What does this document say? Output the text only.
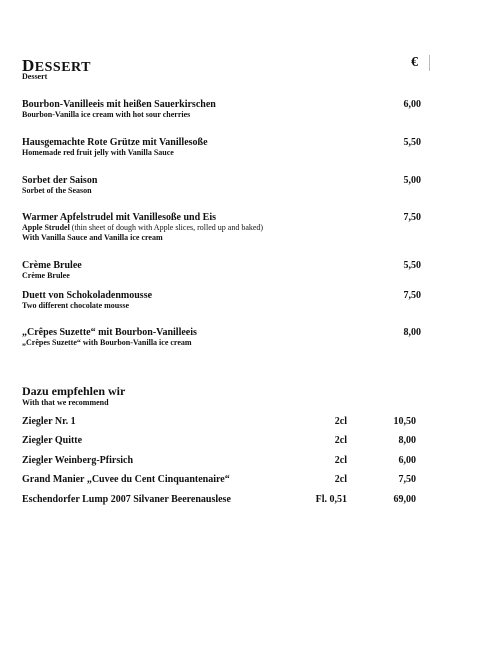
DESSERT
Dessert
€
Bourbon-Vanilleeis mit heißen Sauerkirschen
Bourbon-Vanilla ice cream with hot sour cherries
6,00
Hausgemachte Rote Grütze mit Vanillesoße
Homemade red fruit jelly with Vanilla Sauce
5,50
Sorbet der Saison
Sorbet of the Season
5,00
Warmer Apfelstrudel mit Vanillesoße und Eis
Apple Strudel (thin sheet of dough with Apple slices, rolled up and baked)
With Vanilla Sauce and Vanilla ice cream
7,50
Crème Brulee
Crème Brulee
5,50
Duett von Schokoladenmousse
Two different chocolate mousse
7,50
„Crêpes Suzette“ mit Bourbon-Vanilleeis
„Crêpes Suzette“ with Bourbon-Vanilla ice cream
8,00
Dazu empfehlen wir
With that we recommend
Ziegler Nr. 1	2cl	10,50
Ziegler Quitte	2cl	8,00
Ziegler Weinberg-Pfirsich	2cl	6,00
Grand Manier „Cuvee du Cent Cinquantenaire“	2cl	7,50
Eschendorfer Lump 2007 Silvaner Beerenauslese	Fl. 0,51	69,00
